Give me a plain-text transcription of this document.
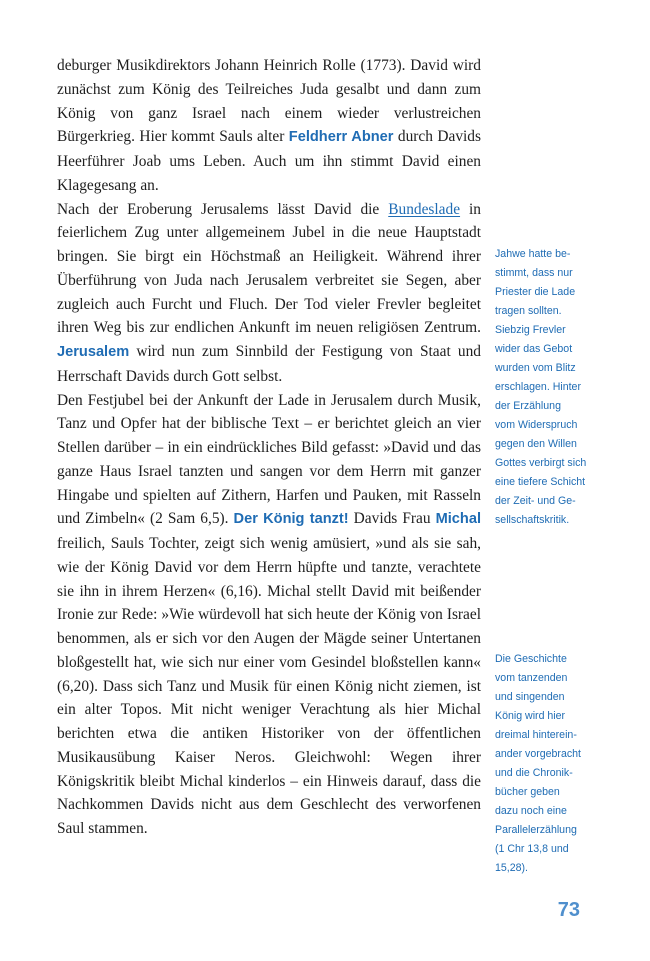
deburger Musikdirektors Johann Heinrich Rolle (1773). David wird zunächst zum König des Teilreiches Juda gesalbt und dann zum König von ganz Israel nach einem wieder verlustreichen Bürgerkrieg. Hier kommt Sauls alter Feldherr Abner durch Davids Heerführer Joab ums Leben. Auch um ihn stimmt David einen Klagegesang an.

Nach der Eroberung Jerusalems lässt David die Bundeslade in feierlichem Zug unter allgemeinem Jubel in die neue Hauptstadt bringen. Sie birgt ein Höchstmaß an Heiligkeit. Während ihrer Überführung von Juda nach Jerusalem verbreitet sie Segen, aber zugleich auch Furcht und Fluch. Der Tod vieler Frevler begleitet ihren Weg bis zur endlichen Ankunft im neuen religiösen Zentrum. Jerusalem wird nun zum Sinnbild der Festigung von Staat und Herrschaft Davids durch Gott selbst.

Den Festjubel bei der Ankunft der Lade in Jerusalem durch Musik, Tanz und Opfer hat der biblische Text – er berichtet gleich an vier Stellen darüber – in ein eindrückliches Bild gefasst: »David und das ganze Haus Israel tanzten und sangen vor dem Herrn mit ganzer Hingabe und spielten auf Zithern, Harfen und Pauken, mit Rasseln und Zimbeln« (2 Sam 6,5). Der König tanzt! Davids Frau Michal freilich, Sauls Tochter, zeigt sich wenig amüsiert, »und als sie sah, wie der König David vor dem Herrn hüpfte und tanzte, verachtete sie ihn in ihrem Herzen« (6,16). Michal stellt David mit beißender Ironie zur Rede: »Wie würdevoll hat sich heute der König von Israel benommen, als er sich vor den Augen der Mägde seiner Untertanen bloßgestellt hat, wie sich nur einer vom Gesindel bloßstellen kann« (6,20). Dass sich Tanz und Musik für einen König nicht ziemen, ist ein alter Topos. Mit nicht weniger Verachtung als hier Michal berichten etwa die antiken Historiker von der öffentlichen Musikausübung Kaiser Neros. Gleichwohl: Wegen ihrer Königskritik bleibt Michal kinderlos – ein Hinweis darauf, dass die Nachkommen Davids nicht aus dem Geschlecht des verworfenen Saul stammen.

Jahwe hatte be-
stimmt, dass nur
Priester die Lade
tragen sollten.
Siebzig Frevler
wider das Gebot
wurden vom Blitz
erschlagen. Hinter
der Erzählung
vom Widerspruch
gegen den Willen
Gottes verbirgt sich
eine tiefere Schicht
der Zeit- und Ge-
sellschaftskritik.
Die Geschichte
vom tanzenden
und singenden
König wird hier
dreimal hinterein-
ander vorgebracht
und die Chronik-
bücher geben
dazu noch eine
Parallelerzählung
(1 Chr 13,8 und
15,28).
73
